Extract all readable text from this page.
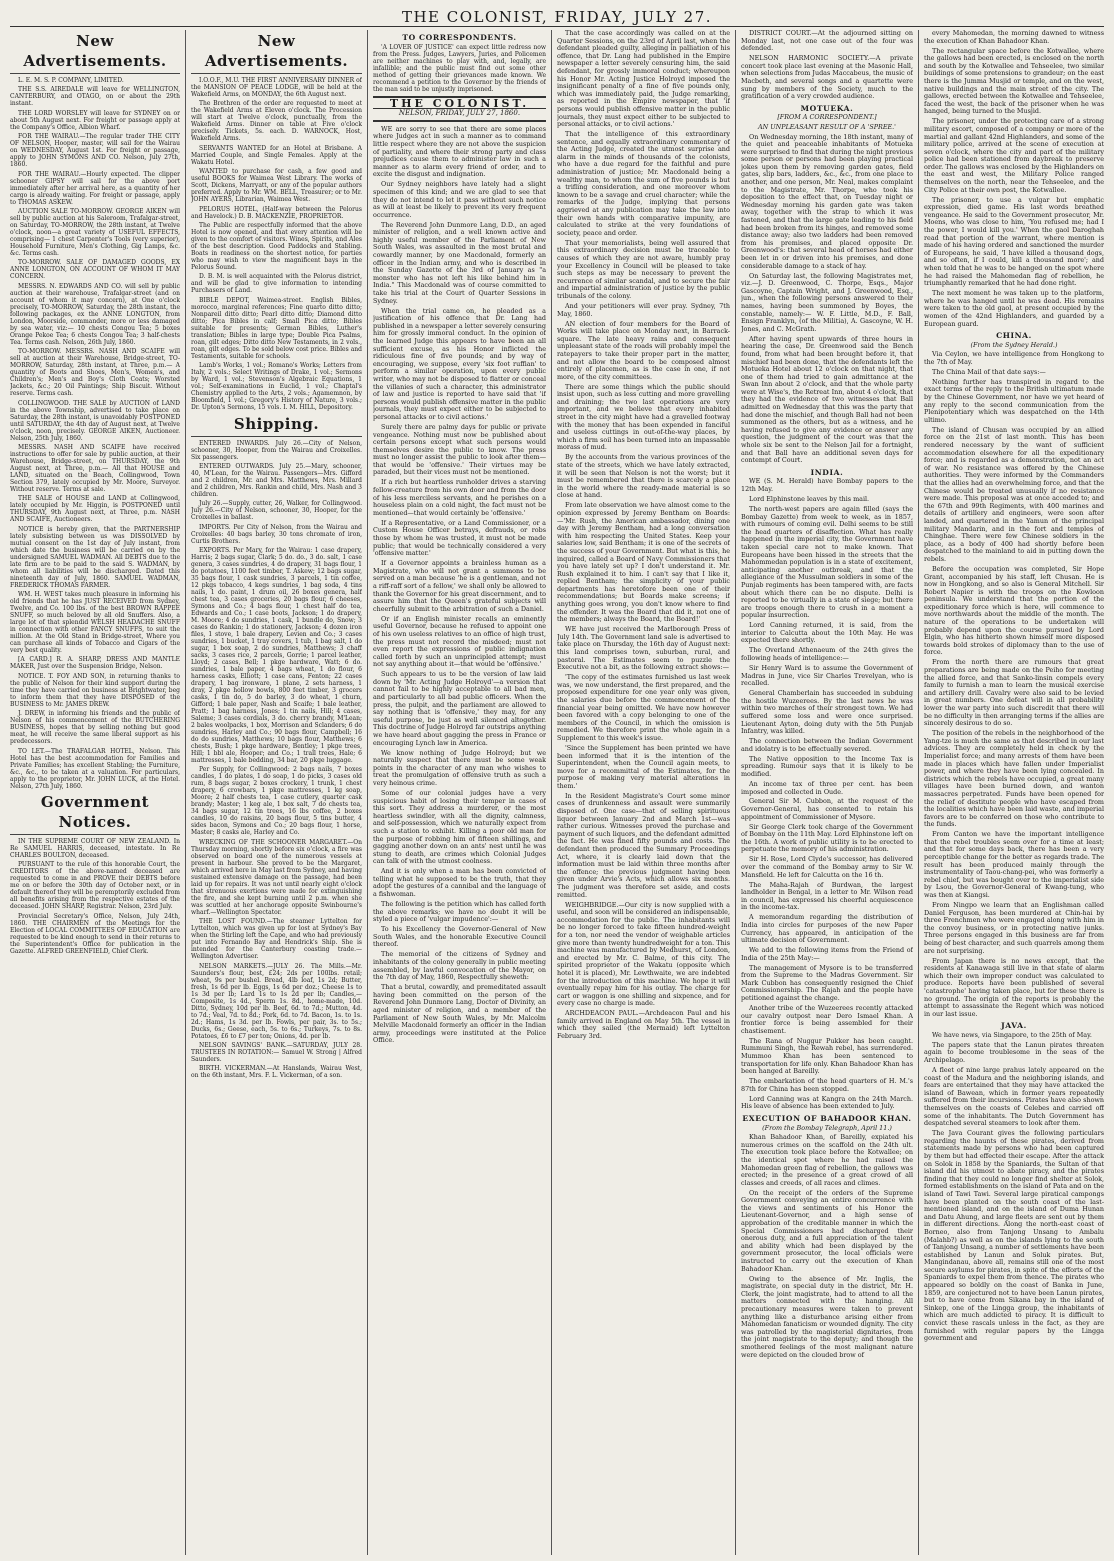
THE COLONIST, FRIDAY, JULY 27.
New Advertisements.

L. E. M. S. P. COMPANY, LIMITED.

THE S.S. AIREDALE will leave for WELLINGTON, CANTERBURY, and OTAGO, on or about the 29th instant.

THE LORD WORSLEY will leave for SYDNEY on or about 5th August next. For freight or passage apply at the Company's Office, Albion Wharf.

FOR THE WAIRAU.—The regular trader THE CITY OF NELSON, Hooper, master, will sail for the Wairau on WEDNESDAY, August 1st. For freight or passage, apply to JOHN SYMONS AND CO. Nelson, July 27th, 1860.

FOR THE WAIRAU.—Hourly expected. The clipper schooner GIPSY will sail for the above port immediately after her arrival here, as a quantity of her cargo is already waiting. For freight or passage, apply to THOMAS ASKEW.

AUCTION SALE TO-MORROW. GEORGE AIKEN will sell by public auction at his Saleroom, Trafalgar-street, on Saturday, TO-MORROW, the 28th instant, at Twelve o'clock, noon—a great variety of USEFUL EFFECTS, comprising— 1 chest Carpenter's Tools (very superior), Household Furniture, Men's Clothing, Gig Lamps, &c. &c. Terms cash.

TO-MORROW. SALE OF DAMAGED GOODS, EX ANNE LONGTON, ON ACCOUNT OF WHOM IT MAY CONCERN.

MESSRS. N. EDWARDS AND CO. will sell by public auction at their warehouse, Trafalgar-street (and on account of whom it may concern), at One o'clock precisely, TO-MORROW, Saturday, the 28th instant, the following packages, ex the ANNE LONGTON, from London, Moorside, commander, more or less damaged by sea water, viz:— 10 chests Congou Tea; 5 boxes Orange Pekoe Tea; 6 chests Congou Tea; 3 half-chests Tea. Terms cash. Nelson, 26th July, 1860.

TO-MORROW. MESSRS. NASH AND SCAIFE will sell at auction at their Warehouse, Bridge-street, TO-MORROW, Saturday, 28th instant, at Three, p.m.— A quantity of Boots and Shoes, Men's, Women's, and Children's; Men's and Boy's Cloth Coats; Worsted Jackets, &c.; 20 Oil Paintings; Ship Biscuit. Without reserve. Terms cash.

COLLINGWOOD. THE SALE by AUCTION of LAND in the above Township, advertised to take place on Saturday, the 28th instant, is unavoidably POSTPONED until SATURDAY, the 4th day of August next, at Twelve o'clock, noon, precisely. GEORGE AIKEN, Auctioneer. Nelson, 25th July, 1860.

MESSRS. NASH AND SCAIFE have received instructions to offer for sale by public auction, at their Warehouse, Bridge-street, on THURSDAY, the 9th August next, at Three, p.m.— All that HOUSE and LAND, situated on the Beach, Collingwood, Town Section 379, lately occupied by Mr. Moore, Surveyor. Without reserve. Terms at sale.

THE SALE of HOUSE and LAND at Collingwood, lately occupied by Mr. Higgin, is POSTPONED until THURSDAY, 9th August next, at Three, p.m. NASH AND SCAIFE, Auctioneers.

NOTICE is hereby given, that the PARTNERSHIP lately subsisting between us was DISSOLVED by mutual consent on the 1st day of July instant, from which date the business will be carried on by the undersigned SAMUEL WADMAN. All DEBTS due to the late firm are to be paid to the said S. WADMAN, by whom all liabilities will be discharged. Dated this nineteenth day of July, 1860. SAMUEL WADMAN, FREDERICK THOMAS FARMER.

WM. H. WEST takes much pleasure in informing his old friends that he has JUST RECEIVED from Sydney, Twelve, and Co. 100 lbs. of the best BROWN RAPPEE SNUFF, so much beloved by all old Snuffers. Also, a large lot of that splendid WELSH HEADACHE SNUFF in connection with other FANCY SNUFFS, to suit the million. At the Old Stand in Bridge-street, Where you can purchase all kinds of Tobacco and Cigars of the very best quality.

[A CARD.] R. A. SHARP, DRESS AND MANTLE MAKER, Just over the Suspension Bridge, Nelson.

NOTICE. T. FOY AND SON, in returning thanks to the public of Nelson for their kind support during the time they have carried on business at Brightwater, beg to inform them that they have DISPOSED of the BUSINESS to Mr. JAMES DREW.

J. DREW, in informing his friends and the public of Nelson of his commencement of the BUTCHERING BUSINESS, hopes that by selling nothing but good meat, he will receive the same liberal support as his predecessors.

TO LET.—The TRAFALGAR HOTEL, Nelson. This Hotel has the best accommodation for Families and Private Families; has excellent Stabling; the Furniture, &c., &c., to be taken at a valuation. For particulars, apply to the proprietor, Mr. JOHN LUCK, at the Hotel. Nelson, 27th July, 1860.

Government Notices.

IN THE SUPREME COURT OF NEW ZEALAND. In Re SAMUEL HARRIS, deceased, intestate. In Re CHARLES BOULTON, deceased.

PURSUANT to the rule of this honorable Court, the CREDITORS of the above-named deceased are requested to come in and PROVE their DEBTS before me on or before the 30th day of October next, or in default thereof they will be peremptorily excluded from all benefits arising from the respective estates of the deceased. JOHN SHARP, Registrar. Nelson, 23rd July.

Provincial Secretary's Office, Nelson, July 24th, 1860. THE CHAIRMEN of the Meetings for the Election of LOCAL COMMITTEES OF EDUCATION are requested to be kind enough to send in their returns to the Superintendent's Office for publication in the Gazette. ALFRED GREENFIELD, Chief Clerk.

New Advertisements.

I.O.O.F., M.U. THE FIRST ANNIVERSARY DINNER of the MANSION OF PEACE LODGE, will be held at the Wakefield Arms, on MONDAY, the 6th August next.

The Brethren of the order are requested to meet at the Wakefield Arms at Eleven o'clock. The Procession will start at Twelve o'clock, punctually, from the Wakefield Arms. Dinner on table at Five o'clock precisely. Tickets, 5s. each. D. WARNOCK, Host, Wakefield Arms.

SERVANTS WANTED for an Hotel at Brisbane. A Married Couple, and Single Females. Apply at the Wakatu Hotel.

WANTED to purchase for cash, a few good and useful BOOKS for Waimea West Library. The works of Scott, Dickens, Marryatt, or any of the popular authors preferred. Apply to Mr. WM. BELL, Treasurer; or to Mr. JOHN AYERS, Librarian, Waimea West.

PELORUS HOTEL, (Half-way between the Pelorus and Havelock.) D. B. MACKENZIE, PROPRIETOR.

The Public are respectfully informed that the above Hotel is now opened, and that every attention will be given to the comfort of visitors. Wines, Spirits, and Ales of the best description. Good Paddocks and Stabling. Boats in readiness on the shortest notice, for parties who may wish to view the magnificent bays in the Pelorus Sound.

D. B. M. is well acquainted with the Pelorus district, and will be glad to give information to intending Purchasers of Land.

BIBLE DEPOT, Waimea-street. English Bibles, morocco, marginal references; Fine quarto ditto ditto; Nonpareil ditto ditto; Pearl ditto ditto; Diamond ditto ditto; Pica Bibles in calf; Small Pica ditto; Bibles suitable for presents; German Bibles, Luther's translation; Bibles in large type; Double Pica Psalms, roan, gilt edges; Ditto ditto New Testaments, in 2 vols., roan, gilt edges. To be sold below cost price. Bibles and Testaments, suitable for schools.

Lamb's Works, 1 vol.; Romano's Works; Letters from Italy, 2 vols.; Select Writings of Drake, 1 vol.; Sermons by Ward, 1 vol.; Stevenson's Algebraic Equations, 1 vol.; Self-examinations in Euclid, 1 vol.; Chaptal's Chemistry applied to the Arts, 2 vols.; Agamemnon, by Bloomfield, 1 vol.; Gregory's History of Nature, 3 vols.; Dr. Upton's Sermons, 15 vols. I. M. HILL, Depository.

Shipping.

ENTERED INWARDS. July 26.—City of Nelson, schooner, 30, Hooper, from the Wairau and Croixelles. Six passengers.

ENTERED OUTWARDS. July 25.—Mary, schooner, 40, M'Lean, for the Wairau. Passengers—Mrs. Gifford and 2 children, Mr. and Mrs. Matthews, Mrs. Millard and 2 children, Mrs. Rankin and child, Mrs. Nash and 3 children.

July 26.—Supply, cutter, 26, Walker, for Collingwood. July 26.—City of Nelson, schooner, 30, Hooper, for the Croixelles in ballast.

IMPORTS. Per City of Nelson, from the Wairau and Croixelles: 40 bags barley, 30 tons chromate of iron, Curtis Brothers.

EXPORTS. Per Mary, for the Wairau: 1 case drapery, Harris; 2 bags sugar, Clark; 5 do. do., 3 do. salt, 1 case genera, 3 cases sundries, 4 do drapery, 31 bags flour, 1 do potatoes, 1100 feet timber, T. Askew; 12 bags sugar, 35 bags flour, 1 cask sundries, 3 parcels, 1 tin coffee, 12 pkgs tobacco, 4 kegs sundries, 1 bag soda, 4 tins nails, 1 do. paint, 1 drum oil, 26 boxes genera, half chest tea, 3 cases groceries, 20 bags flour, 6 cheeses, Symons and Co.; 4 bags flour, 1 chest half do tea, Edwards and Co.; 1 case boots, Jackson; 1 do drapery, M. Moore; 4 do sundries, 1 cask, 1 bundle do, Snow; 3 cases do Rankin; 1 do stationery, Jackson; 4 dozen iron files, 1 stove, 1 bale drapery, Levien and Co.; 3 cases sundries, 1 bucket, 1 tray covers, 1 tub, 1 bag salt, 1 do sugar, 1 box soap, 2 do sundries, Matthews; 3 chaff sacks, 3 cases rice, 2 parcels, Gorrie; 1 parcel leather, Lloyd; 2 cases, Bell; 1 pkge hardware, Watt; 6 do. sundries, 1 bale paper, 4 bags wheat, 1 do flour, 6 harness casks, Elliott; 1 case cans, Fenton; 22 cases drapery, 1 bag ironware, 1 plane, 2 sets harness, 1 dray, 2 pkge hollow bowls, 800 feet timber, 3 grocers casks, 1 tin do, 5 do barley, 3 do wheat, 1 churn, Gifford; 1 bale paper, Nash and Scaife; 1 bale leather, Pratt; 1 bag harness, Jones; 1 tin nails, Hill; 4 cases, Saleme; 3 cases cordials, 3 do. cherry brandy, M'Lean; 2 bales woolpacks, 1 box, Morrison and Sclanders; 6 do sundries, Harley and Co.; 90 bags flour, Campbell; 16 do do sundries, Matthews; 10 bags flour, Matthews; 6 chests, Bush; 1 pkge hardware, Bentley; 1 pkge trees, Hill; 1 bbl ale, Hooper; and Co.; 1 trall trees, Hale; 6 mattresses, 1 bale bedding, 34 bar, 20 pkge luggage.

Per Supply, for Collingwood: 2 bags nails, 7 boxes candles, 1 do plates, 1 do soap, 1 do picks, 3 cases old rum, 8 bags sugar, 2 boxes crockery, 1 trunk, 1 chest drapery, 6 crowbars, 1 pkge mattresses, 1 kg soap, Moore; 2 half chests tea, 1 case cutlery, quarter cask brandy; Master; 1 keg ale, 1 box salt, 7 do chests tea, 34 bags sugar, 12 tin trees, 16 lbs coffee, 2 boxes candles, 10 do raisins, 20 bags flour, 5 tins butter, 4 sides bacon, Symons and Co.; 20 bags flour, 1 horse, Master; 8 casks ale, Harley and Co.

WRECKING OF THE SCHOONER MARGARET.—On Thursday morning, shortly before six o'clock, a fire was observed on board one of the numerous vessels at present in harbour. She proved to be the Margaret, which arrived here in May last from Sydney, and having sustained extensive damage on the passage, had been laid up for repairs. It was not until nearly eight o'clock that strenuous exertions were made for extinguishing the fire, and she kept burning until 2 p.m. when she was scuttled at her anchorage opposite Swinbourne's wharf.—Wellington Spectator.

THE LOST FOUND.—The steamer Lyttelton for Lyttelton, which was given up for lost at Sydney's Bay when the Stirling left the Cape, and who had previously put into Fernando Bay and Hendrick's Ship. She is intended for the Canterbury coasting trade.—Wellington Advertiser.

NELSON MARKETS.—JULY 26. The Mills.—Mr. Saunders's flour, best, £24; 2ds per 100lbs. retail; wheat, 9s per bushel. Bread, 4lb loaf, 1s 2d; Butter, fresh, 1s 6d per lb. Eggs, 1s 6d per doz.; Cheese 1s to 1s 3d per lb; Lard 1s to 1s 2d per lb; Candles,—Composite, 1s 4d., Sperm 1s. 8d., home-made, 10d. Ditto, Sydney, 10d per lb. Beef, 6d. to 7d.; Mutton, 4d. to 7d.; Veal, 7d. to 8d.; Pork, 6d. to 7d. Bacon, 1s. to 1s. 2d.; Hams, 1s 3d. per lb. Fowls, per pair, 3s. to 5s.; Ducks, 6s.; Geese, each, 5s. to 6s.; Turkeys, 7s. to 8s. Potatoes, £6 to £7 per ton; Onions, 4d. per lb.

NELSON SAVINGS' BANK.—SATURDAY, JULY 28. TRUSTEES IN ROTATION:— Samuel W. Strong | Alfred Saunders.

BIRTH. VICKERMAN.—At Hanslands, Wairau West, on the 6th instant, Mrs. F. L. Vickerman, of a son.

TO CORRESPONDENTS.

'A LOVER OF JUSTICE' can expect little redress now from the Press. Judges, Lawyers, Juries, and Policemen are neither machines to play with, and, legally, are infallible; and the public must find out some other method of getting their grievances made known. We recommend a petition to the Governor by the friends of the man said to be unjustly imprisoned.

THE COLONIST.
NELSON, FRIDAY, JULY 27, 1860.

WE are sorry to see that there are some places where Judges act in such a manner as to command little respect where they are not above the suspicion of partiality, and where their strong party and class prejudices cause them to administer law in such a manner as to alarm every friend of order, and to excite the disgust and indignation.

Our Sydney neighbors have lately had a slight specimen of this kind; and we are glad to see that they do not intend to let it pass without such notice as will at least be likely to prevent its very frequent occurrence.

The Reverend John Dunmore Lang, D.D., an aged minister of religion, and a well known active and highly useful member of the Parliament of New South Wales, was assaulted in the most brutal and cowardly manner, by one Macdonald, formerly an officer in the Indian army, and who is described in the Sunday Gazette of the 3rd of January as "a monster who has not left his like behind him in India." This Macdonald was of course committed to take his trial at the Court of Quarter Sessions in Sydney.

When the trial came on, he pleaded as a justification of his offence that Dr. Lang had published in a newspaper a letter severely censuring him for grossly immoral conduct. In the opinion of the learned Judge this appears to have been an all sufficient excuse, as his Honor inflicted the ridiculous fine of five pounds; and by way of encouraging, we suppose, every 'six foot ruffian' to perform a similar operation, upon every public writer, who may not be disposed to flatter or conceal the villanies of such a character, this administrator of law and justice is reported to have said that 'if persons would publish offensive matter in the public journals, they must expect either to be subjected to personal attacks or to civil actions.'

Surely there are palmy days for public or private vengeance. Nothing must now be published about certain persons except what such persons would themselves desire the public to know. The press must no longer assist the public to look after them—that would be 'offensive.' Their virtues may be paraded, but their vices must not be mentioned.

If a rich but heartless runholder drives a starving fellow-creature from his own door and from the door of his less merciless servants, and he perishes on a houseless plain on a cold night, the fact must not be mentioned—that would certainly be 'offensive.'

If a Representative, or a Land Commissioner, or a Custom House Officer betrays, defrauds, or robs those by whom he was trusted, it must not be made public; that would be technically considered a very 'offensive matter.'

If a Governor appoints a brainless human as a Magistrate, who will not grant a summons to be served on a man because 'he is a gentleman, and not a riff-raff sort of a fellow,' we shall only be allowed to thank the Governor for his great discernment, and to assure him that the Queen's grateful subjects will cheerfully submit to the arbitration of such a Daniel.

Or if an English minister recalls an eminently useful Governor, because he refused to appoint one of his own useless relatives to an office of high trust, the press must not record the misdeed; must not even report the expressions of public indignation called forth by such an unprincipled attempt; must not say anything about it—that would be 'offensive.'

Such appears to us to be the version of law laid down by 'Mr. Acting Judge Holroyd'—a version that cannot fail to be highly acceptable to all bad men, and particularly to all bad public officers. When the press, the pulpit, and the parliament are allowed to say nothing that is 'offensive,' they may, for any useful purpose, be just as well silenced altogether. This doctrine of Judge Holroyd far outstrips anything we have heard about gagging the press in France or encouraging Lynch law in America.

We know nothing of Judge Holroyd; but we naturally suspect that there must be some weak points in the character of any man who wishes to treat the promulgation of offensive truth as such a very heinous crime.

Some of our colonial judges have a very suspicious habit of losing their temper in cases of this sort. They address a murderer, or the most heartless swindler, with all the dignity, calmness, and self-possession, which we naturally expect from such a station to exhibit. Killing a poor old man for the purpose of robbing him of fifteen shillings, and gagging another down on an ants' nest until he was stung to death, are crimes which Colonial Judges can talk of with the utmost coolness.

And it is only when a man has been convicted of telling what he supposed to be the truth, that they adopt the gestures of a cannibal and the language of a fishwoman.

The following is the petition which has called forth the above remarks; we have no doubt it will be styled a piece of 'vulgar impudence':—

To his Excellency the Governor-General of New South Wales, and the honorable Executive Council thereof.

The memorial of the citizens of Sydney and inhabitants of the colony generally in public meeting assembled, by lawful convocation of the Mayor, on the 7th day of May, 1860, Respectfully sheweth:

That a brutal, cowardly, and premeditated assault having been committed on the person of the Reverend John Dunmore Lang, Doctor of Divinity, an aged minister of religion, and a member of the Parliament of New South Wales, by Mr. Malcolm Melville Macdonald formerly an officer in the Indian army, proceedings were instituted at the Police Office.

That the case accordingly was called on at the Quarter Sessions, on the 23rd of April last, when the defendant pleaded guilty, alleging in palliation of his offence, that Dr. Lang had published in the Empire newspaper a letter severely censuring him, the said defendant, for grossly immoral conduct; whereupon his Honor Mr. Acting Justice Holroyd imposed the insignificant penalty of a fine of five pounds only, which was immediately paid, the Judge remarking, as reported in the Empire newspaper, that 'if persons would publish offensive matter in the public journals, they must expect either to be subjected to personal attacks, or to civil actions.'

That the intelligence of this extraordinary sentence, and equally extraordinary commentary of the Acting Judge, created the utmost surprise and alarm in the minds of thousands of the colonists, who have a due regard for the faithful and pure administration of justice; Mr. Macdonald being a wealthy man, to whom the sum of five pounds is but a trifling consideration, and one moreover whom known to be a savage and cruel character; while the remarks of the Judge, implying that persons aggrieved at any publication may take the law into their own hands with comparative impunity, are calculated to strike at the very foundations of society, peace and order.

That your memorialists, being well assured that this extraordinary decision must be traceable to causes of which they are not aware, humbly pray your Excellency in Council will be pleased to take such steps as may be necessary to prevent the recurrence of similar scandal, and to secure the fair and impartial administration of justice by the public tribunals of the colony.

And your petitioners will ever pray. Sydney, 7th May, 1860.

AN election of four members for the Board of Works will take place on Monday next, in Barrack-square. The late heavy rains and consequent unpleasant state of the roads will probably impel the ratepayers to take their proper part in the matter, and not allow the board to be composed almost entirely of placemen, as is the case in one, if not more, of the city committees.

There are some things which the public should insist upon, such as less cutting and more gravelling and draining; the two last operations are very important, and we believe that every inhabited street in the city might have had a gravelled footway with the money that has been expended in fanciful and useless cuttings in out-of-the-way places, by which a firm soil has been turned into an impassable morass of mud.

By the accounts from the various provinces of the state of the streets, which we have lately extracted, it will be seen that Nelson is not the worst; but it must be remembered that there is scarcely a place in the world where the ready-made material is so close at hand.

From late observation we have almost come to the opinion expressed by Jeremy Bentham on Boards:—'Mr. Rush, the American ambassador, dining one day with Jeremy Bentham, had a long conversation with him respecting the United States. Keep your salaries low, said Bentham; it is one of the secrets of the success of your Government. But what is this, he inquired, called a Board of Navy Commissioners that you have lately set up? I don't understand it. Mr. Rush explained it to him. I can't say that I like it, replied Bentham; the simplicity of your public departments has heretofore been one of their recommendations; but Boards make screens; if anything goes wrong, you don't know where to find the offender. It was the Board that did it, not one of the members; always the Board, the Board!'

WE have just received the Marlborough Press of July 14th. The Government land sale is advertised to take place on Thursday, the 16th day of August next: this land comprises town, suburban, rural, and pastoral. The Estimates seem to puzzle the Executive not a bit, as the following extract shows:—

'The copy of the estimates furnished us last week was, we now understand, the first prepared, and the proposed expenditure for one year only was given, the salaries due before the commencement of the financial year being omitted. We have now however been favored with a copy belonging to one of the members of the Council, in which the omission is remedied. We therefore print the whole again in a Supplement to this week's issue.

'Since the Supplement has been printed we have been informed that it is the intention of the Superintendent, when the Council again meets, to move for a recommittal of the Estimates, for the purpose of making very material alterations in them.'

In the Resident Magistrate's Court some minor cases of drunkenness and assault were summarily disposed of. One case—that of selling spirituous liquor between January 2nd and March 1st—was rather curious. Witnesses proved the purchase and payment of such liquors, and the defendant admitted the fact. He was fined fifty pounds and costs. The defendant then produced the Summary Proceedings Act, where, it is clearly laid down that the information must be laid within three months after the offence; the previous judgment having been given under Arvie's Acts, which allows six months. The judgment was therefore set aside, and costs remitted.

WEIGHBRIDGE.—Our city is now supplied with a useful, and soon will be considered an indispensable, accommodation for the public. The inhabitants will be no longer forced to take fifteen hundred-weight for a ton, nor need the vendor of weighable articles give more than twenty hundredweight for a ton. This machine was manufactured by Medhurst, of London, and erected by Mr. C. Balme, of this city. The spirited proprietor of the Wakatu (opposite which hotel it is placed), Mr. Lewthwaite, we are indebted for the introduction of this machine. We hope it will eventually repay him for his outlay. The charge for cart or waggon is one shilling and sixpence, and for every case no charge is made.

ARCHDEACON PAUL.—Archdeacon Paul and his family arrived in England on May 5th. The vessel in which they sailed (the Mermaid) left Lyttelton February 3rd.

DISTRICT COURT.—At the adjourned sitting on Monday last, not one case out of the four was defended.

NELSON HARMONIC SOCIETY.—A private concert took place last evening at the Masonic Hall, when selections from Judas Maccabeus, the music of Macbeth, and several songs and a quartette were sung by members of the Society, much to the gratification of a very crowded audience.

MOTUEKA.
[FROM A CORRESPONDENT.]
AN UNPLEASANT RESULT OF A 'SPREE.'

On Wednesday morning, the 18th instant, many of the quiet and peaceable inhabitants of Motueka were surprised to find that during the night previous some person or persons had been playing practical jokes upon them by removing garden gates, field gates, slip bars, ladders, &c., &c., from one place to another, and one person, Mr. Neal, makes complaint to the Magistrate, Mr. Thorpe, who took his deposition to the effect that, on Tuesday night or Wednesday morning his garden gate was taken away, together with the strap to which it was fastened, and that the large gate leading to his field had been broken from its hinges, and removed some distance away; also two ladders had been removed from his premises, and placed opposite Dr. Greenwood's: that several head of horses had either been let in or driven into his premises, and done considerable damage to a stack of hay.

On Saturday last, the following Magistrates met, viz.—J. D. Greenwood, C. Thorpe, Esqs., Major Gascoyne, Captain Wright, and J. Greenwood, Esq., jun., when the following persons answered to their names, having been summoned by Boyes, the constable, namely:— W. F. Little, M.D., F. Ball, Ensign Franklyn, (of the Militia), A. Gascoyne, W. H. Jones, and C. McGrath.

After having spent upwards of three hours in hearing the case, Dr. Greenwood said the Bench found, from what had been brought before it, that mischief had been done, that the defendants left the Motueka Hotel about 12 o'clock on that night, that one of them had tried to gain admittance at the Swan Inn about 2 o'clock, and that the whole party were at Wise's, the Retreat Inn, about 4 o'clock, that they had the evidence of two witnesses that Ball admitted on Wednesday that this was the party that had done the mischief, and though Ball had not been summoned as the others, but as a witness, and he having refused to give any evidence or answer any question, the judgment of the court was that the whole six be sent to the Nelson Jail for a fortnight, and that Ball have an additional seven days for contempt of Court.

INDIA.

WE (S. M. Herald) have Bombay papers to the 12th May.

Lord Elphinstone leaves by this mail.

The north-west papers are again filled (says the Bombay Gazette) from week to week, as in 1857, with rumours of coming evil. Delhi seems to be still the head quarters of disaffection. What has really happened in the imperial city, the Government have taken special care not to make known. That Europeans have been hissed in the streets that the Mahommedan population is in a state of excitement, anticipating another outbreak, and that the allegiance of the Mussulman soldiers in some of the Punjab regiments has been tampered with, are facts about which there can be no dispute. Delhi is reported to be virtually in a state of siege; but there are troops enough there to crush in a moment a popular insurrection.

Lord Canning returned, it is said, from the interior to Calcutta about the 10th May. He was expected there shortly.

The Overland Athenaeum of the 24th gives the following heads of intelligence:—

Sir Henry Ward is to assume the Government of Madras in June, vice Sir Charles Trevelyan, who is recalled.

General Chamberlain has succeeded in subduing the hostile Wuzeerees. By the last news he was within two marches of their strongest town. We had suffered some loss and were once surprised. Lieutenant Ayton, doing duty with the 5th Punjab Infantry, was killed.

The connection between the Indian Government and idolatry is to be effectually severed.

The Native opposition to the Income Tax is spreading. Rumour says that it is likely to be modified.

An income tax of three per cent. has been imposed and collected in Oude.

General Sir M. Cubbon, at the request of the Governor-General, has consented to retain his appointment of Commissioner of Mysore.

Sir George Clerk took charge of the Government of Bombay on the 11th May. Lord Elphinstone left on the 16th. A work of public utility is to be erected to perpetuate the memory of his administration.

Sir H. Rose, Lord Clyde's successor, has delivered over the command of the Bombay army to Sir W. Mansfield. He left for Calcutta on the 16 th.

The Maha-Rajah of Burdwan, the largest landholder in Bengal, in a letter to Mr. Wilson read in council, has expressed his cheerful acquiescence in the income-tax.

A memorandum regarding the distribution of India into circles for purposes of the new Paper Currency, has appeared, in anticipation of the ultimate decision of Government.

We add to the following items from the Friend of India of the 25th May:—

The management of Mysore is to be transferred from the Supreme to the Madras Government. Sir Mark Cubbon has consequently resigned the Chief Commissionership. The Rajah and the people have petitioned against the change.

Another tribe of the Wuzeerees recently attacked our cavalry outpost near Dero Ismael Khan. A frontier force is being assembled for their chastisement.

The Rana of Nuggur Pukker has been caught. Rummuni Singh, the Rewah rebel, has surrendered. Mummoo Khan has been sentenced to transportation for life only. Khan Bahadoor Khan has been hanged at Bareilly.

The embarkation of the head quarters of H. M.'s 87th for China has been stopped.

Lord Canning was at Kangra on the 24th March. His leave of absence has been extended to July.

EXECUTION OF BAHADOOR KHAN.
(From the Bombay Telegraph, April 11.)

Khan Bahadoor Khan, of Bareilly, expiated his numerous crimes on the scaffold on the 24th ult. The execution took place before the Kotwallee; on the identical spot where he had raised the Mahomedan green flag of rebellion, the gallows was erected; in the presence of a great crowd of all classes and creeds, of all races and climes.

On the receipt of the orders of the Supreme Government conveying an entire concurrence with the views and sentiments of his Honor the Lieutenant-Governor, and a high sense of approbation of the creditable manner in which the Special Commissioners had discharged their onerous duty, and a full appreciation of the talent and ability which had been displayed by the government prosecutor, the local officials were instructed to carry out the execution of Khan Bahadoor Khan.

Owing to the absence of Mr. Inglis, the magistrate, on special duty in the district, Mr. H. Clerk, the joint magistrate, had to attend to all the matters connected with the hanging. All precautionary measures were taken to prevent anything like a disturbance arising either from Mahomedan fanaticism or wounded dignity. The city was patrolled by the magisterial dignitaries, from the joint magistrate to the deputy; and though the smothered feelings of the most malignant nature were depicted on the clouded brow of

every Mahomedan, the morning dawned to witness the execution of Khan Bahadoor Khan.

The rectangular space before the Kotwallee, where the gallows had been erected, is enclosed on the north and south by the Kotwallee and Tehseelee, two similar buildings of some pretensions to grandeur; on the east there is the Jumma Musjid or temple, and on the west, native buildings and the main street of the city. The gallows, erected between the Kotwallee and Tehseelee, faced the west, the back of the prisoner when he was hanged, being turned to the Musjid.

The prisoner, under the protecting care of a strong military escort, composed of a company or more of the martial and gallant 42nd Highlanders, and some of the military police, arrived at the scene of execution at seven o'clock, where the city and part of the military police had been stationed from daybreak to preserve order. The gallows was enclosed by the Highlanders on the east and west, the Military Police ranged themselves on the north, near the Tehseelee, and the City Police at their own post, the Kotwallee.

The prisoner, to use a vulgar but emphatic expression, died game. His last words breathed vengeance. He said to the Government prosecutor, Mr. Moens, who was close to him, 'You refused me; had I the power, I would kill you.' When the gaol Daroghah read that portion of the warrant, where mention is made of his having ordered and sanctioned the murder of Europeans, he said, 'I have killed a thousand dogs, and so often, if I could, kill a thousand more'; and when told that he was to be hanged on the spot where he had raised the Mahomedan flag of rebellion, he triumphantly remarked that he had done right.

The next moment he was taken up to the platform, where he was hanged until he was dead. His remains were taken to the old gaol, at present occupied by the women of the 42nd Highlanders, and guarded by a European guard.

CHINA.
(From the Sydney Herald.)

Via Ceylon, we have intelligence from Hongkong to the 7th of May.

The China Mail of that date says:—

Nothing further has transpired in regard to the exact terms of the reply to the British ultimatum made by the Chinese Government, nor have we yet heard of any reply to the second communication from the Plenipotentiary which was despatched on the 14th ultimo.

The island of Chusan was occupied by an allied force on the 21st of last month. This has been rendered necessary by the want of sufficient accommodation elsewhere for all the expeditionary force; and is regarded as a demonstration, not an act of war. No resistance was offered by the Chinese authorities. They were informed by the Commanders that the allies had an overwhelming force, and that the Chinese would be treated unusually if no resistance were made. This proposal was at once acceded to; and the 67th and 99th Regiments, with 400 marines and details of artillery and engineers, were soon after landed, and quartered in the Yamun of the principal military Mandarin, and in the fort and temples of Chinghae. There were few Chinese soldiers in the place, as a body of 400 had shortly before been despatched to the mainland to aid in putting down the rebels.

Before the occupation was completed, Sir Hope Grant, accompanied by his staff, left Chusan. He is now in Hongkong, and so also is General Mitchell. Sir Robert Napier is with the troops on the Kowloon peninsula. We understand that the portion of the expeditionary force which is here, will commence to move northwards about the middle of the month. The nature of the operations to be undertaken will probably depend upon the course pursued by Lord Elgin, who has hitherto shown himself more disposed towards bold strokes of diplomacy than to the use of force.

From the north there are rumours that great preparations are being made on the Peiho for meeting the allied force, and that Sanko-linsin compels every family to furnish a man to learn the musical exercise and artillery drill. Cavalry were also said to be levied in great numbers. One defeat will in all probability lower the war party into such discredit that there will be no difficulty in then arranging terms if the allies are sincerely desirous to do so.

The position of the rebels in the neighborhood of the Yang-tze is much the same as that described in our last advices. They are completely held in check by the Imperialist force; and many arrests of them have been made in places which have fallen under Imperialist power, and where they have been lying concealed. In districts which the rebels have occupied, a great many villages have been burned down, and wanton massacres perpetrated. Funds have been opened for the relief of destitute people who have escaped from the localities which have been laid waste, and imperial favors are to be conferred on those who contribute to the funds.

From Canton we have the important intelligence that the rebel troubles seem over for a time at least; and that for some days back, there has been a very perceptible change for the better as regards trade. The result has been produced mainly through the instrumentality of Taou-chang-pei, who was formerly a rebel chief, but was bought over to the imperialist side by Lsou, the Governor-General of Kwang-tung, who was then at Kiangsi.

From Ningpo we learn that an Englishman called Daniel Ferguson, has been murdered at Chin-hai by three Frenchmen who were engaged along with him in the convoy business, or in protecting native junks. Three persons engaged in this business are far from being of best character, and such quarrels among them are not surprising.

From Japan there is no news except, that the residents at Kanawaga still live in that state of alarm which their own improper conduct was calculated to produce. Reports have been published of several 'catastrophe' having taken place, but for these there is no ground. The origin of the reports is probably the attempt to assassinate the Regent which was noticed in our last issue.

JAVA.

We have news, via Singapore, to the 25th of May.

The papers state that the Lanun pirates threaten again to become troublesome in the seas of the Archipelago.

A fleet of nine large prahus lately appeared on the coast of the Madura and the neighboring islands, and fears are entertained that they may have attacked the island of Bawean, which in former years repeatedly suffered from their incursions. Pirates have also shown themselves on the coasts of Celebes and carried off some of the inhabitants. The Dutch Government has despatched several steamers to look after them.

The Java Courant gives the following particulars regarding the haunts of these pirates, derived from statements made by persons who had been captured by them but had effected their escape. After the attack on Solok in 1858 by the Spaniards, the Sultan of that island did his utmost to abate piracy, and the pirates finding that they could no longer find shelter at Solok, formed establishments on the island of Pata and on the island of Tawi Tawi. Several large piratical campongs have been planted on the south coast of the last-mentioned island, and on the island of Duma Hunan and Datu Ahung, and large fleets are sent out by them in different directions. Along the north-east coast of Borneo, also from Tanjong Unsang to Ambalu (Malahb?) as well as on the islands lying to the south of Tanjong Unsang, a number of settlements have been established by Lanun and Soluk pirates. But, Mangindanau, above all, remains still one of the most secure asylums for pirates, in spite of the efforts of the Spaniards to expel them from thence. The pirates who appeared so boldly on the coast of Banka in June, 1859, are conjectured not to have been Lanun pirates, but to have come from Sikana bay in the island of Sinkep, one of the Lingga group, the inhabitants of which are much addicted to piracy. It is difficult to convict these rascals unless in the fact, as they are furnished with regular papers by the Lingga government and
